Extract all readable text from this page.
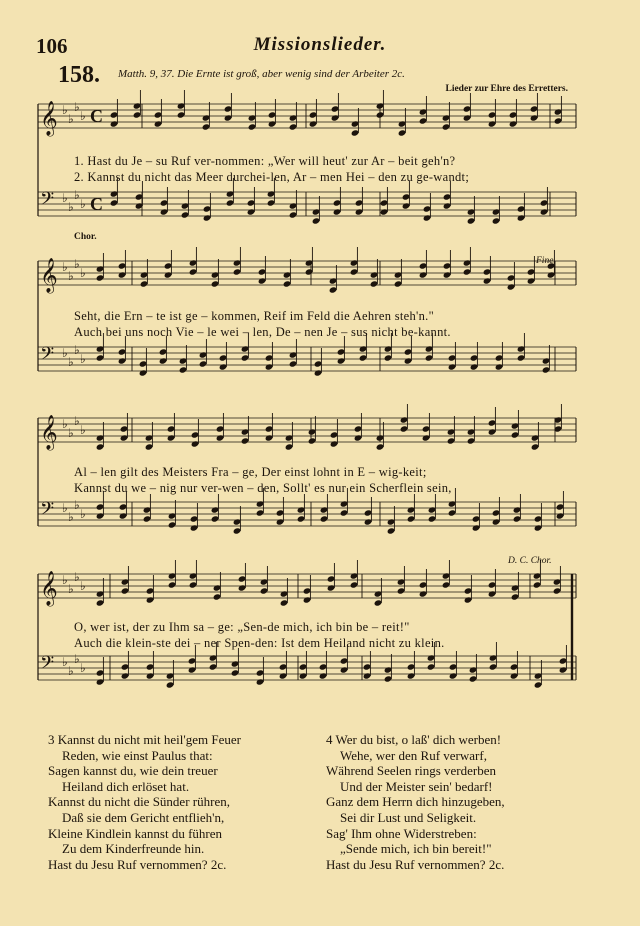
106	Missionslieder.
158. Matth. 9, 37. Die Ernte ist groß, aber wenig sind der Arbeiter 2c.
Lieder zur Ehre des Erretters.
𝄞 ♭
♭
♭
♭ C
𝄢 ♭
♭
♭
♭ C
𝄞 ♭
♭
♭
♭
𝄢 ♭
♭
♭
♭
𝄞 ♭
♭
♭
♭
𝄢 ♭
♭
♭
♭
𝄞 ♭
♭
♭
♭
𝄢 ♭
♭
♭
♭
Chor.
Fine.
D. C. Chor.
1. Hast du Je – su Ruf ver-nommen: „Wer will heut' zur Ar – beit geh'n?
2. Kannst du nicht das Meer durchei-len, Ar – men Hei – den zu ge-wandt;
Seht, die Ern – te ist ge – kommen, Reif im Feld die Aehren steh'n."
Auch bei uns noch Vie – le wei – len, De – nen Je – sus nicht be-kannt.
Al – len gilt des Meisters Fra – ge, Der einst lohnt in E – wig-keit;
Kannst du we – nig nur ver-wen – den, Sollt' es nur ein Scherflein sein,
O, wer ist, der zu Ihm sa – ge: „Sen-de mich, ich bin be – reit!"
Auch die klein-ste dei – ner Spen-den: Ist dem Heiland nicht zu klein.
3 Kannst du nicht mit heil'gem Feuer
Reden, wie einst Paulus that:
Sagen kannst du, wie dein treuer
Heiland dich erlöset hat.
Kannst du nicht die Sünder rühren,
Daß sie dem Gericht entflieh'n,
Kleine Kindlein kannst du führen
Zu dem Kinderfreunde hin.
Hast du Jesu Ruf vernommen? 2c.
4 Wer du bist, o laß' dich werben!
Wehe, wer den Ruf verwarf,
Während Seelen rings verderben
Und der Meister sein' bedarf!
Ganz dem Herrn dich hinzugeben,
Sei dir Lust und Seligkeit.
Sag' Ihm ohne Widerstreben:
„Sende mich, ich bin bereit!"
Hast du Jesu Ruf vernommen? 2c.
